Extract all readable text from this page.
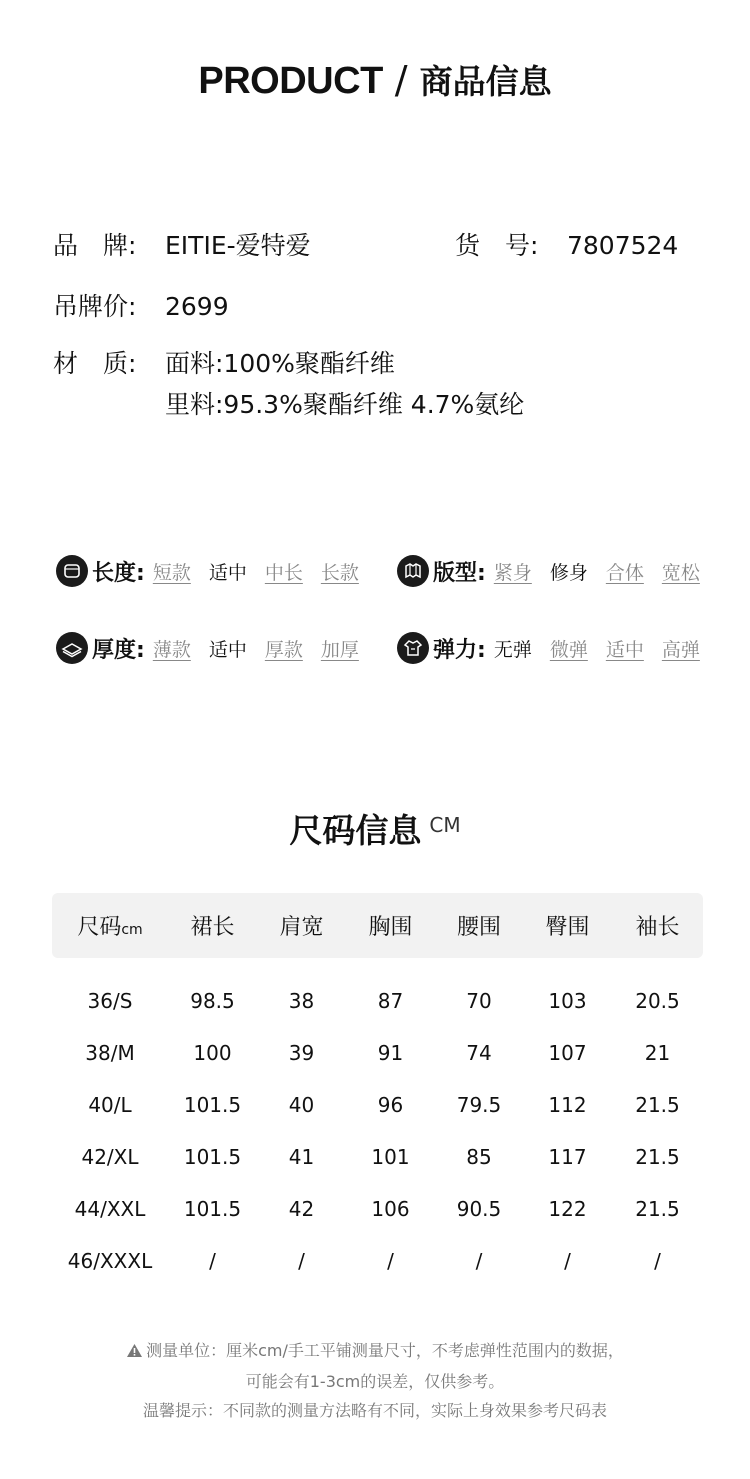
PRODUCT / 商品信息
品　牌: EITIE-爱特爱	货　号: 7807524
吊牌价: 2699
材　质: 面料:100%聚酯纤维
里料:95.3%聚酯纤维 4.7%氨纶
长度: 短款 适中 中长 长款	版型: 紧身 修身 合体 宽松
厚度: 薄款 适中 厚款 加厚	弹力: 无弹 微弹 适中 高弹
尺码信息 CM
尺码cm	裙长	肩宽	胸围	腰围	臀围	袖长
36/S	98.5	38	87	70	103	20.5
38/M	100	39	91	74	107	21
40/L	101.5	40	96	79.5	112	21.5
42/XL	101.5	41	101	85	117	21.5
44/XXL	101.5	42	106	90.5	122	21.5
46/XXXL	/	/	/	/	/	/
测量单位：厘米cm/手工平铺测量尺寸，不考虑弹性范围内的数据，
可能会有1-3cm的误差，仅供参考。
温馨提示：不同款的测量方法略有不同，实际上身效果参考尺码表
